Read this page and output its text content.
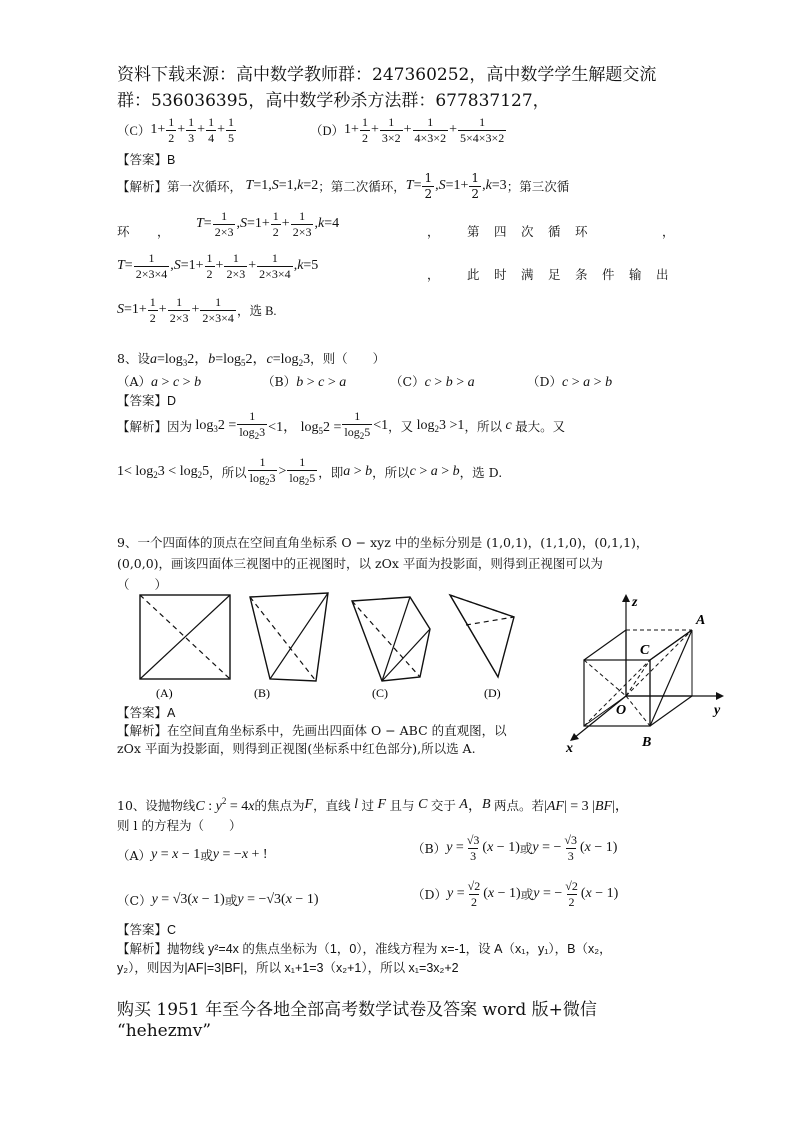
资料下载来源：高中数学教师群：247360252，高中数学学生解题交流
群：536036395，高中数学秒杀方法群：677837127，
（C） $1+ \frac{1}{2} + \frac{1}{3} + \frac{1}{4} + \frac{1}{5}$	（D） $1+ \frac{1}{2} + \frac{1}{3\times 2} + \frac{1}{4\times 3\times 2} + \frac{1}{5\times 4\times 3\times 2}$
【答案】B
【解析】 第一次循环， T =1, S =1, k =2 ；第二次循环， $T = \frac{1}{2}$ , $S =1+ \frac{1}{2}$ , k =3 ；第三次循
环 ，
$T = \frac{1}{2\times 3}$ , $S =1+ \frac{1}{2} + \frac{1}{2\times 3}$ , k =4
， 第　四　次　循　环	，
$T = \frac{1}{2\times 3\times 4}$ , $S =1+ \frac{1}{2} + \frac{1}{2\times 3} + \frac{1}{2\times 3\times 4}$ , k =5
， 此　时　满　足　条　件　输　出
$S =1+ \frac{1}{2} + \frac{1}{2\times 3} + \frac{1}{2\times 3\times 4}$ ，选 B.
8、设 $a=\log_32$，$b=\log_52$，$c=\log_23$ ，则（　　）
（A）a > c > b	（B）b > c > a	（C）c > b > a	（D）c > a > b
【答案】D
【解析】 因为 $\log_32 = \frac{1}{\log_23} <1$， $\log_52 = \frac{1}{\log_25} <1$ ，又 $\log_23 >1$ ，所以 c 最大。又
$1< \log_23 < \log_25$ ，所以 $\frac{1}{\log_23} > \frac{1}{\log_25}$ ，即 a > b ，所以 c > a > b ，选 D.
9、一个四面体的顶点在空间直角坐标系 O − xyz 中的坐标分别是 (1,0,1)，(1,1,0)，(0,1,1)，
(0,0,0)，画该四面体三视图中的正视图时，以 zOx 平面为投影面，则得到正视图可以为
（　　）
(A)	(B)	(C)	(D)
z
y
x
A
B
C
O
【答案】A
【解析】在空间直角坐标系中，先画出四面体 O − ABC 的直观图，以
zOx 平面为投影面，则得到正视图(坐标系中红色部分),所以选 A.
10、设抛物线 C : $y^2 = 4x$ 的焦点为 F ，直线 l 过 F 且与 C 交于 A ， B 两点。若 |AF| = 3 |BF|，
则 l 的方程为（　　）
（A） y = x − 1 或 y = −x + !	（B） $y = \frac{√3}{3} (x - 1)$ 或 y = − $\frac{√3}{3} (x - 1)$
（C） y = √3(x − 1) 或 y = −√3(x − 1)	（D） $y = \frac{√2}{2} (x - 1)$ 或 y = − $\frac{√2}{2} (x - 1)$
【答案】C
【解析】抛物线 y²=4x 的焦点坐标为（1，0），准线方程为 x=-1，设 A（x₁，y₁），B（x₂，
y₂），则因为|AF|=3|BF|，所以 x₁+1=3（x₂+1），所以 x₁=3x₂+2
购买 1951 年至今各地全部高考数学试卷及答案 word 版+微信
“hehezmv”
